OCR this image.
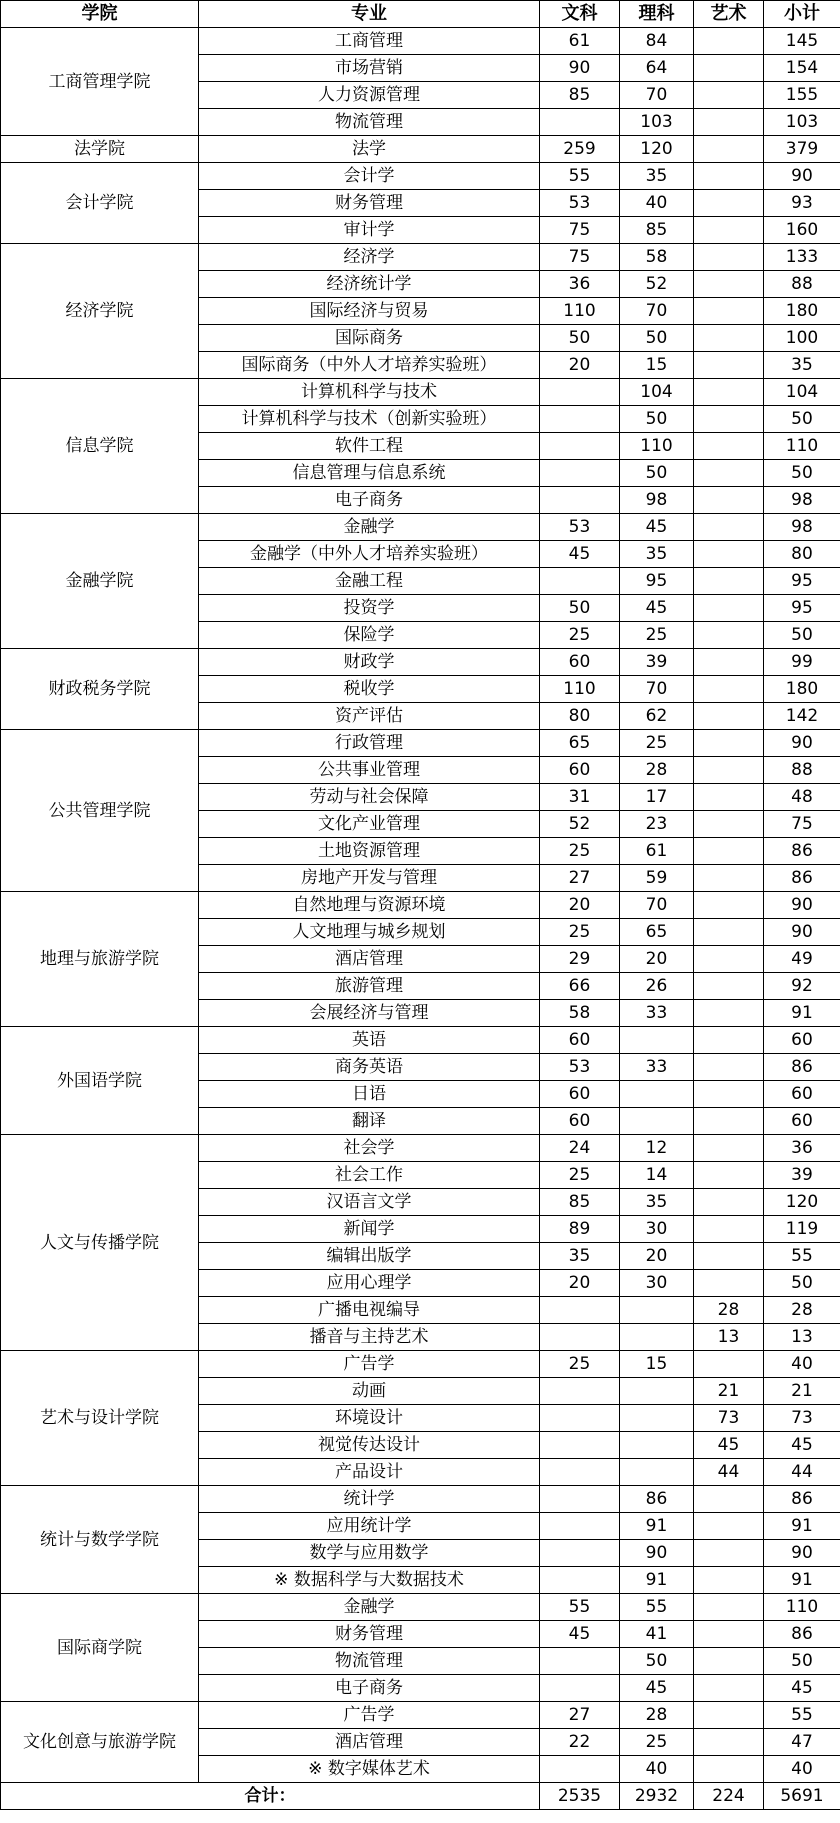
学院	专业	文科	理科	艺术	小计
工商管理学院	工商管理	61	84		145
	市场营销	90	64		154
	人力资源管理	85	70		155
	物流管理		103		103
法学院	法学	259	120		379
会计学院	会计学	55	35		90
	财务管理	53	40		93
	审计学	75	85		160
经济学院	经济学	75	58		133
	经济统计学	36	52		88
	国际经济与贸易	110	70		180
	国际商务	50	50		100
	国际商务（中外人才培养实验班）	20	15		35
信息学院	计算机科学与技术		104		104
	计算机科学与技术（创新实验班）		50		50
	软件工程		110		110
	信息管理与信息系统		50		50
	电子商务		98		98
金融学院	金融学	53	45		98
	金融学（中外人才培养实验班）	45	35		80
	金融工程		95		95
	投资学	50	45		95
	保险学	25	25		50
财政税务学院	财政学	60	39		99
	税收学	110	70		180
	资产评估	80	62		142
公共管理学院	行政管理	65	25		90
	公共事业管理	60	28		88
	劳动与社会保障	31	17		48
	文化产业管理	52	23		75
	土地资源管理	25	61		86
	房地产开发与管理	27	59		86
地理与旅游学院	自然地理与资源环境	20	70		90
	人文地理与城乡规划	25	65		90
	酒店管理	29	20		49
	旅游管理	66	26		92
	会展经济与管理	58	33		91
外国语学院	英语	60			60
	商务英语	53	33		86
	日语	60			60
	翻译	60			60
人文与传播学院	社会学	24	12		36
	社会工作	25	14		39
	汉语言文学	85	35		120
	新闻学	89	30		119
	编辑出版学	35	20		55
	应用心理学	20	30		50
	广播电视编导			28	28
	播音与主持艺术			13	13
艺术与设计学院	广告学	25	15		40
	动画			21	21
	环境设计			73	73
	视觉传达设计			45	45
	产品设计			44	44
统计与数学学院	统计学		86		86
	应用统计学		91		91
	数学与应用数学		90		90
	※ 数据科学与大数据技术		91		91
国际商学院	金融学	55	55		110
	财务管理	45	41		86
	物流管理		50		50
	电子商务		45		45
文化创意与旅游学院	广告学	27	28		55
	酒店管理	22	25		47
	※ 数字媒体艺术		40		40
合计：		2535	2932	224	5691
